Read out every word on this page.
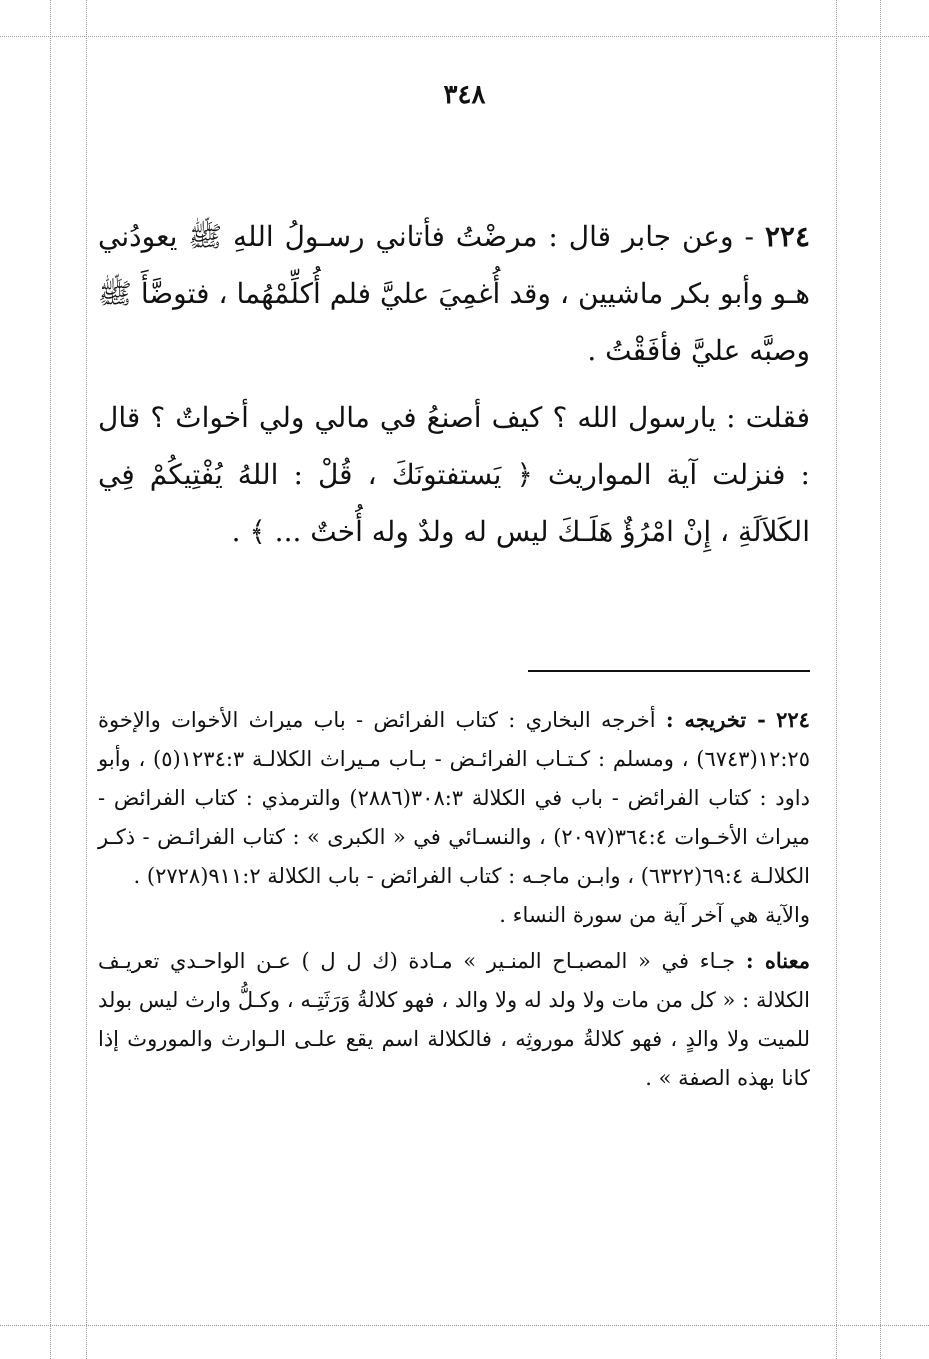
٣٤٨

٢٢٤ - وعن جابر قال : مرضْتُ فأتاني رسـولُ اللهِ ﷺ يعودُني هـو وأبو بكر ماشيين ، وقد أُغمِيَ عليَّ فلم أُكلِّمْهُما ، فتوضَّأَ ﷺ وصبَّه عليَّ فأفَقْتُ .

فقلت : يارسول الله ؟ كيف أصنعُ في مالي ولي أخواتٌ ؟ قال : فنزلت آية المواريث ﴿ يَستفتونَكَ ، قُلْ : اللهُ يُفْتِيكُمْ فِي الكَلاَلَةِ ، إِنْ امْرُؤٌ هَلَـكَ ليس له ولدٌ وله أُختٌ ... ﴾ .

٢٢٤ - تخريجه : أخرجه البخاري : كتاب الفرائض - باب ميراث الأخوات والإخوة ١٢:٢٥(٦٧٤٣) ، ومسلم : كـتـاب الفرائـض - بـاب مـيراث الكلالـة ١٢٣٤:٣(٥) ، وأبو داود : كتاب الفرائض - باب في الكلالة ٣٠٨:٣(٢٨٨٦) والترمذي : كتاب الفرائض - ميراث الأخـوات ٣٦٤:٤(٢٠٩٧) ، والنسـائي في « الكبرى » : كتاب الفرائـض - ذكـر الكلالـة ٦٩:٤(٦٣٢٢) ، وابـن ماجـه : كتاب الفرائض - باب الكلالة ٩١١:٢(٢٧٢٨) .

والآية هي آخر آية من سورة النساء .

معناه : جـاء في « المصبـاح المنـير » مـادة (ك ل ل ) عـن الواحـدي تعريـف الكلالة : « كل من مات ولا ولد له ولا والد ، فهو كلالةُ وَرَثَتِـه ، وكـلُّ وارث ليس بولد للميت ولا والدٍ ، فهو كلالةُ موروثِه ، فالكلالة اسم يقع علـى الـوارث والموروث إذا كانا بهذه الصفة » .
